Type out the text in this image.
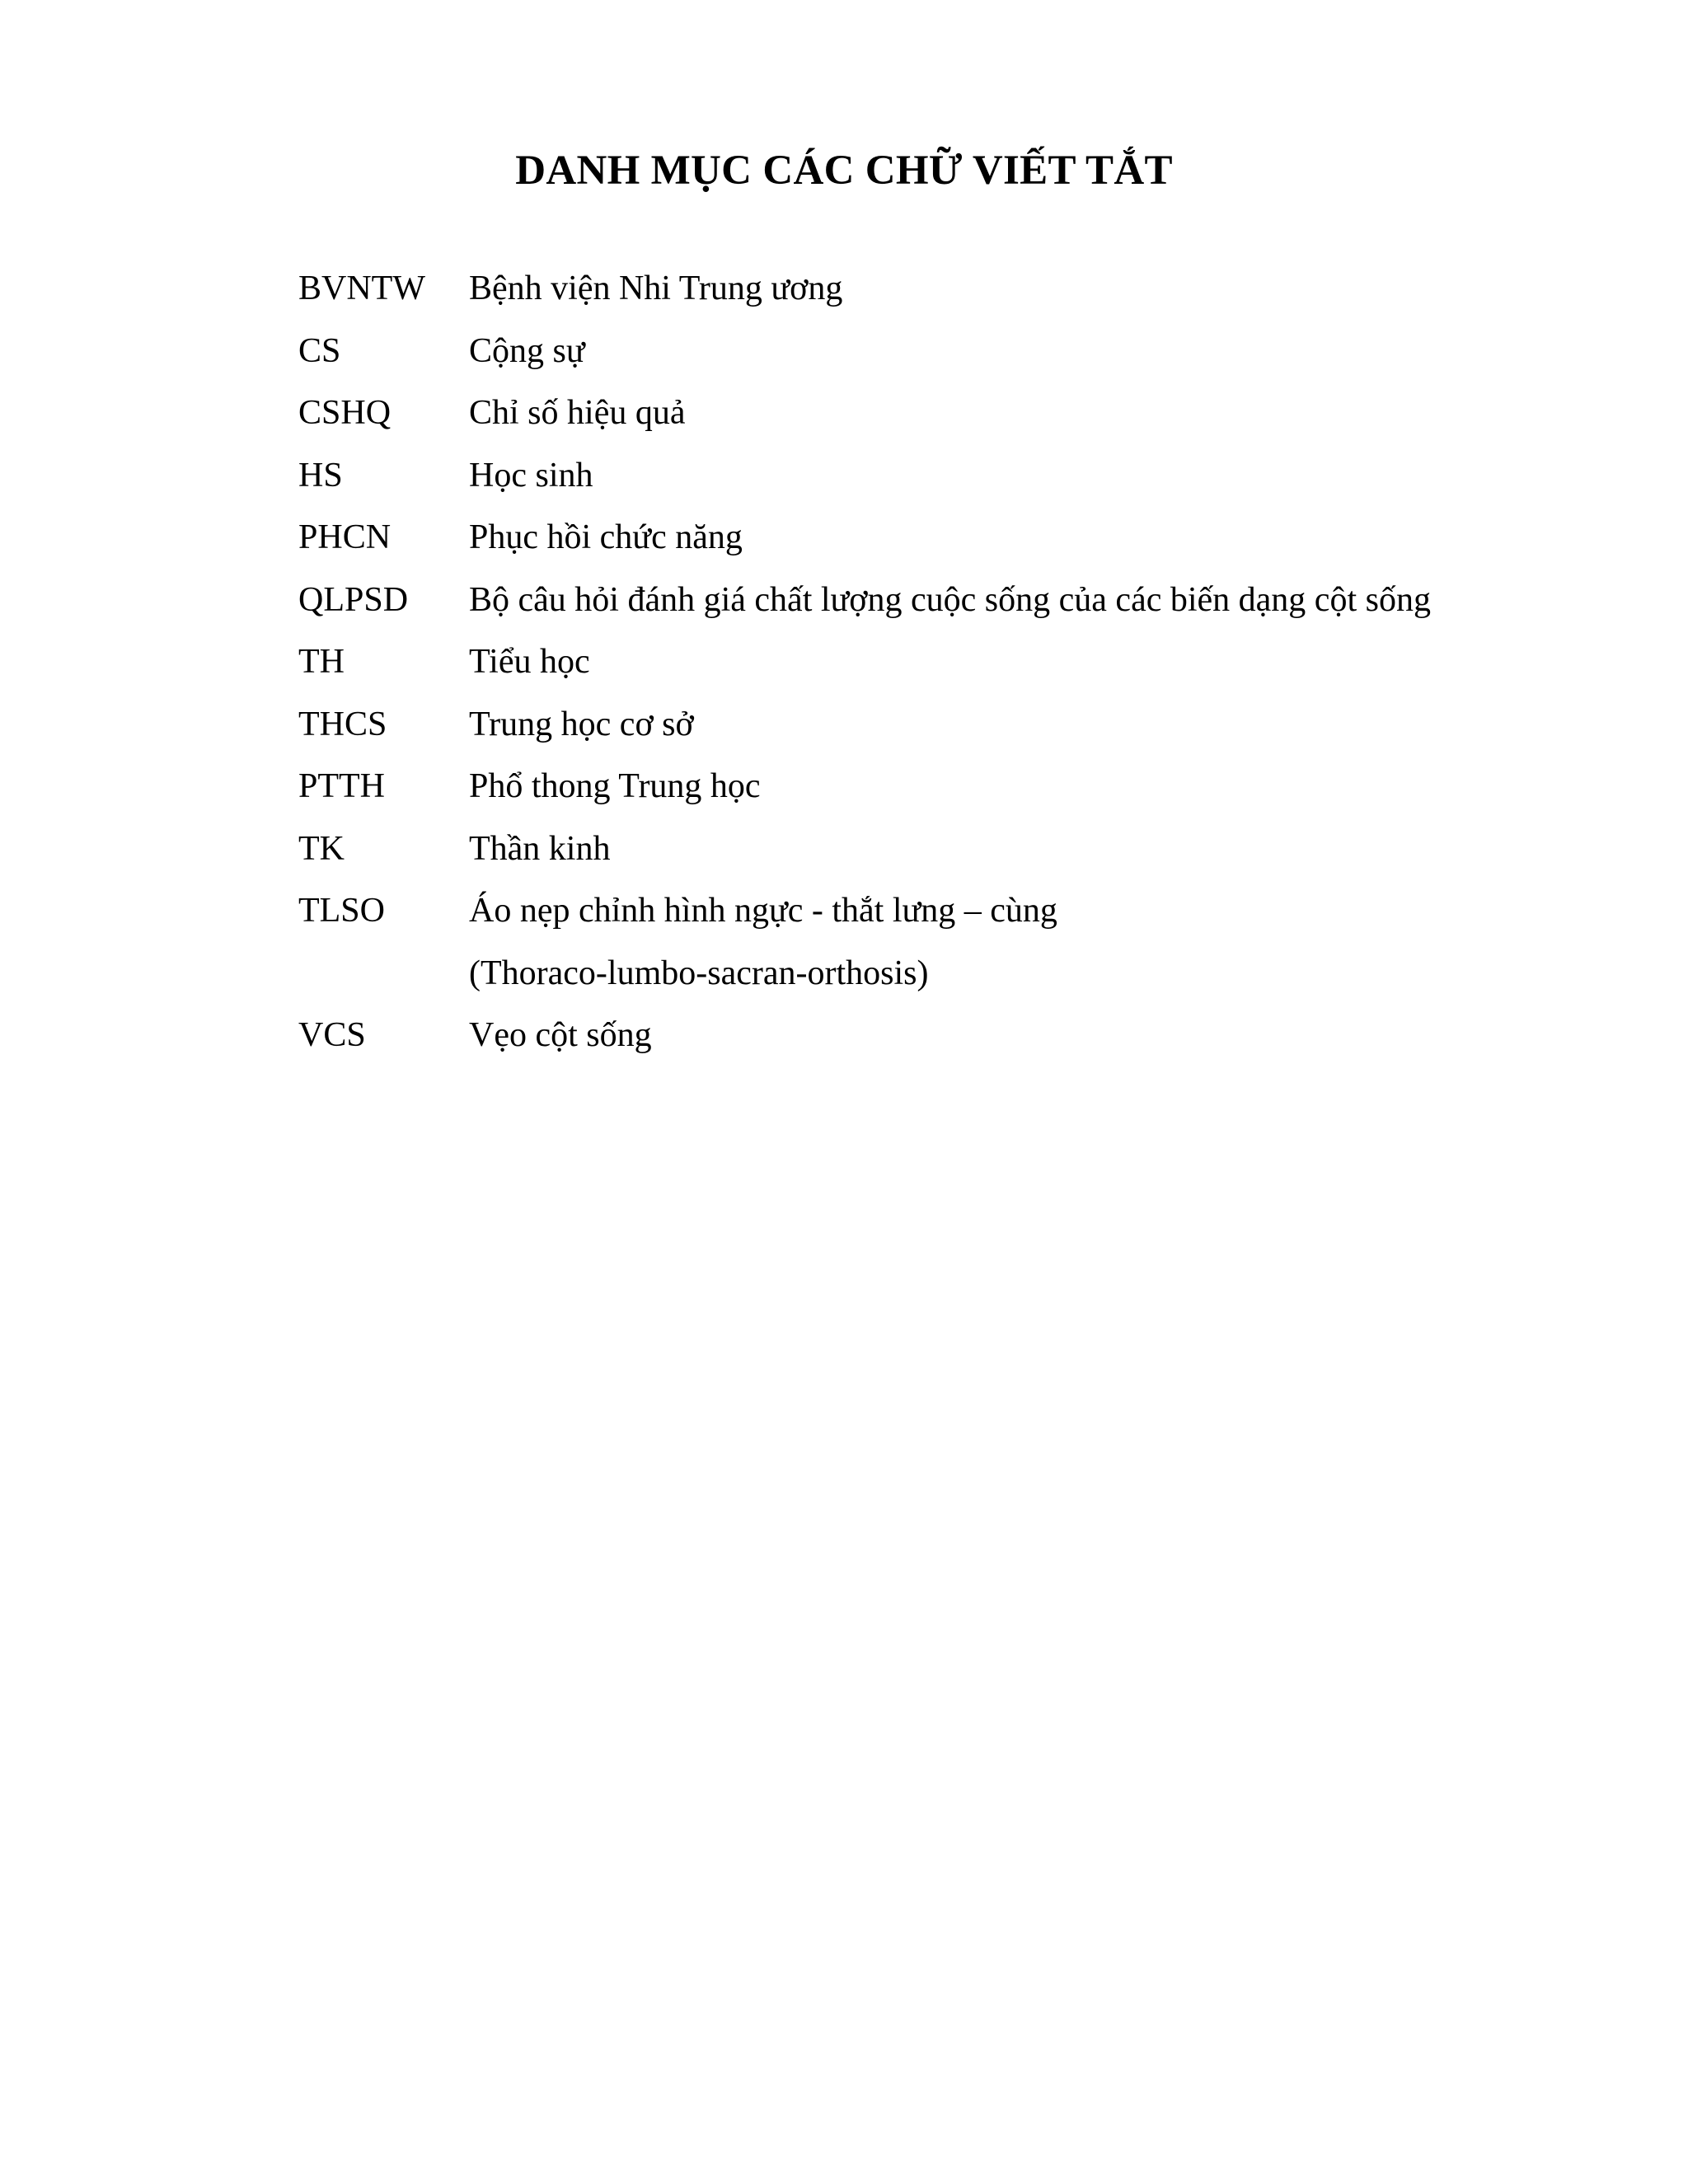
DANH MỤC CÁC CHỮ VIẾT TẮT
BVNTW	Bệnh viện Nhi Trung ương
CS	Cộng sự
CSHQ	Chỉ số hiệu quả
HS	Học sinh
PHCN	Phục hồi chức năng
QLPSD	Bộ câu hỏi đánh giá chất lượng cuộc sống của các biến dạng cột sống
TH	Tiểu học
THCS	Trung học cơ sở
PTTH	Phổ thong Trung học
TK	Thần kinh
TLSO	Áo nẹp chỉnh hình ngực - thắt lưng – cùng
(Thoraco-lumbo-sacran-orthosis)
VCS	Vẹo cột sống
